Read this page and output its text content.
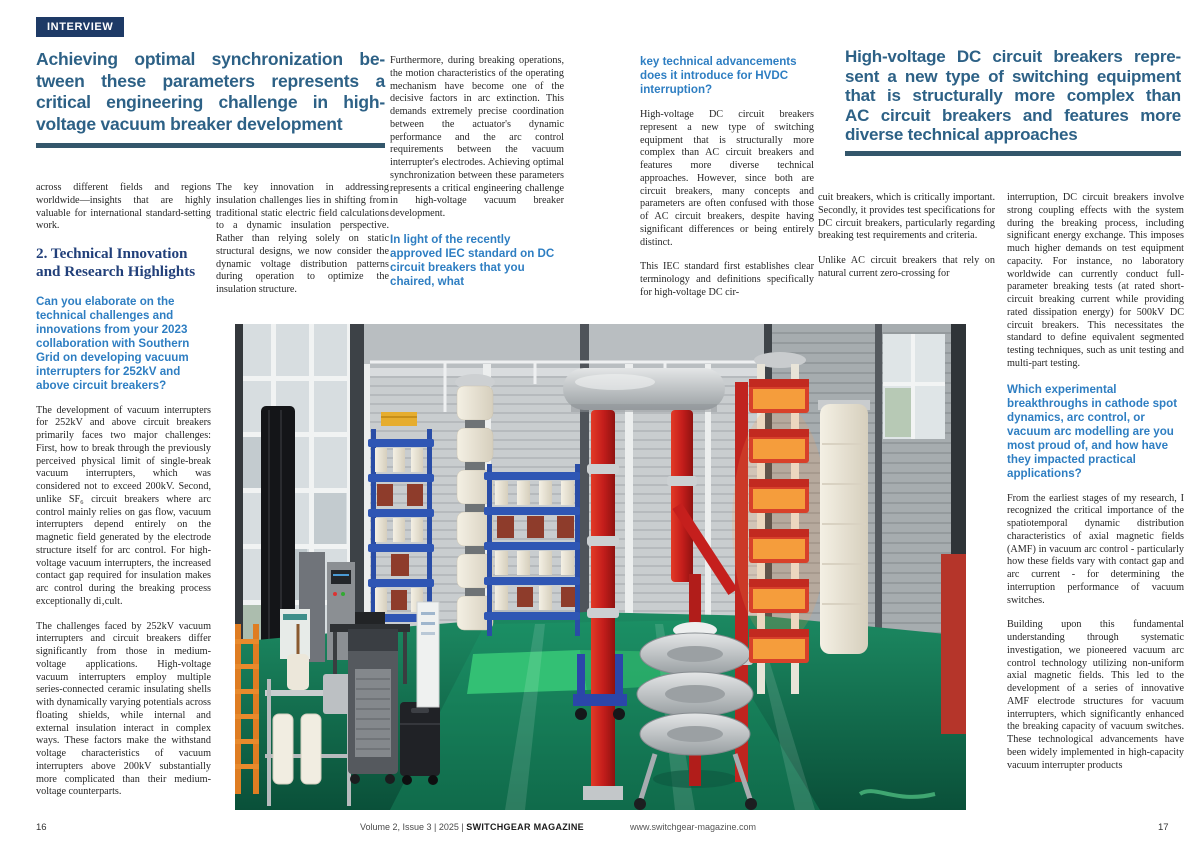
INTERVIEW
Achieving optimal synchronization be-
tween these parameters represents a
critical engineering challenge in high-
voltage vacuum breaker development
High-voltage DC circuit breakers repre-
sent a new type of switching equipment
that is structurally more complex than
AC circuit breakers and features more
diverse technical approaches

across different fields and regions worldwide—insights that are highly valuable for international standard-setting work.

2. Technical Innovation and Research Highlights
Can you elaborate on the technical challenges and innovations from your 2023 collaboration with Southern Grid on developing vacuum interrupters for 252kV and above circuit breakers?

The development of vacuum interrupters for 252kV and above circuit breakers primarily faces two major challenges: First, how to break through the previously perceived physical limit of single-break vacuum interrupters, which was considered not to exceed 200kV. Second, unlike SF₆ circuit breakers where arc control mainly relies on gas flow, vacuum interrupters depend entirely on the magnetic field generated by the electrode structure itself for arc control. For high-voltage vacuum interrupters, the increased contact gap required for insulation makes arc control during the breaking process exceptionally di‚cult.

The challenges faced by 252kV vacuum interrupters and circuit breakers differ significantly from those in medium-voltage applications. High-voltage vacuum interrupters employ multiple series-connected ceramic insulating shells with dynamically varying potentials across floating shields, while internal and external insulation interact in complex ways. These factors make the withstand voltage characteristics of vacuum interrupters above 200kV substantially more complicated than their medium-voltage counterparts.

The key innovation in addressing insulation challenges lies in shifting from traditional static electric field calculations to a dynamic insulation perspective. Rather than relying solely on static structural designs, we now consider the dynamic voltage distribution patterns during operation to optimize the insulation structure.

Furthermore, during breaking operations, the motion characteristics of the operating mechanism have become one of the decisive factors in arc extinction. This demands extremely precise coordination between the actuator's dynamic performance and the arc control requirements between the vacuum interrupter's electrodes. Achieving optimal synchronization between these parameters represents a critical engineering challenge in high-voltage vacuum breaker development.

In light of the recently approved IEC standard on DC circuit breakers that you chaired, what
key technical advancements does it introduce for HVDC interruption?

High-voltage DC circuit breakers represent a new type of switching equipment that is structurally more complex than AC circuit breakers and features more diverse technical approaches. However, since both are circuit breakers, many concepts and parameters are often confused with those of AC circuit breakers, despite having significant differences or being entirely distinct.

This IEC standard first establishes clear terminology and definitions specifically for high-voltage DC cir-

cuit breakers, which is critically important. Secondly, it provides test specifications for DC circuit breakers, particularly regarding breaking test requirements and criteria.

Unlike AC circuit breakers that rely on natural current zero-crossing for

interruption, DC circuit breakers involve strong coupling effects with the system during the breaking process, including significant energy exchange. This imposes much higher demands on test equipment capacity. For instance, no laboratory worldwide can currently conduct full-parameter breaking tests (at rated short-circuit breaking current while providing rated dissipation energy) for 500kV DC circuit breakers. This necessitates the standard to define equivalent segmented testing techniques, such as unit testing and multi-part testing.

Which experimental breakthroughs in cathode spot dynamics, arc control, or vacuum arc modelling are you most proud of, and how have they impacted practical applications?

From the earliest stages of my research, I recognized the critical importance of the spatiotemporal dynamic distribution characteristics of axial magnetic fields (AMF) in vacuum arc control - particularly how these fields vary with contact gap and arc current - for determining the interruption performance of vacuum switches.

Building upon this fundamental understanding through systematic investigation, we pioneered vacuum arc control technology utilizing non-uniform axial magnetic fields. This led to the development of a series of innovative AMF electrode structures for vacuum interrupters, which significantly enhanced the breaking capacity of vacuum switches. These technological advancements have been widely implemented in high-capacity vacuum interrupter products

16	17
Volume 2, Issue 3 | 2025 | SWITCHGEAR MAGAZINE	www.switchgear-magazine.com
